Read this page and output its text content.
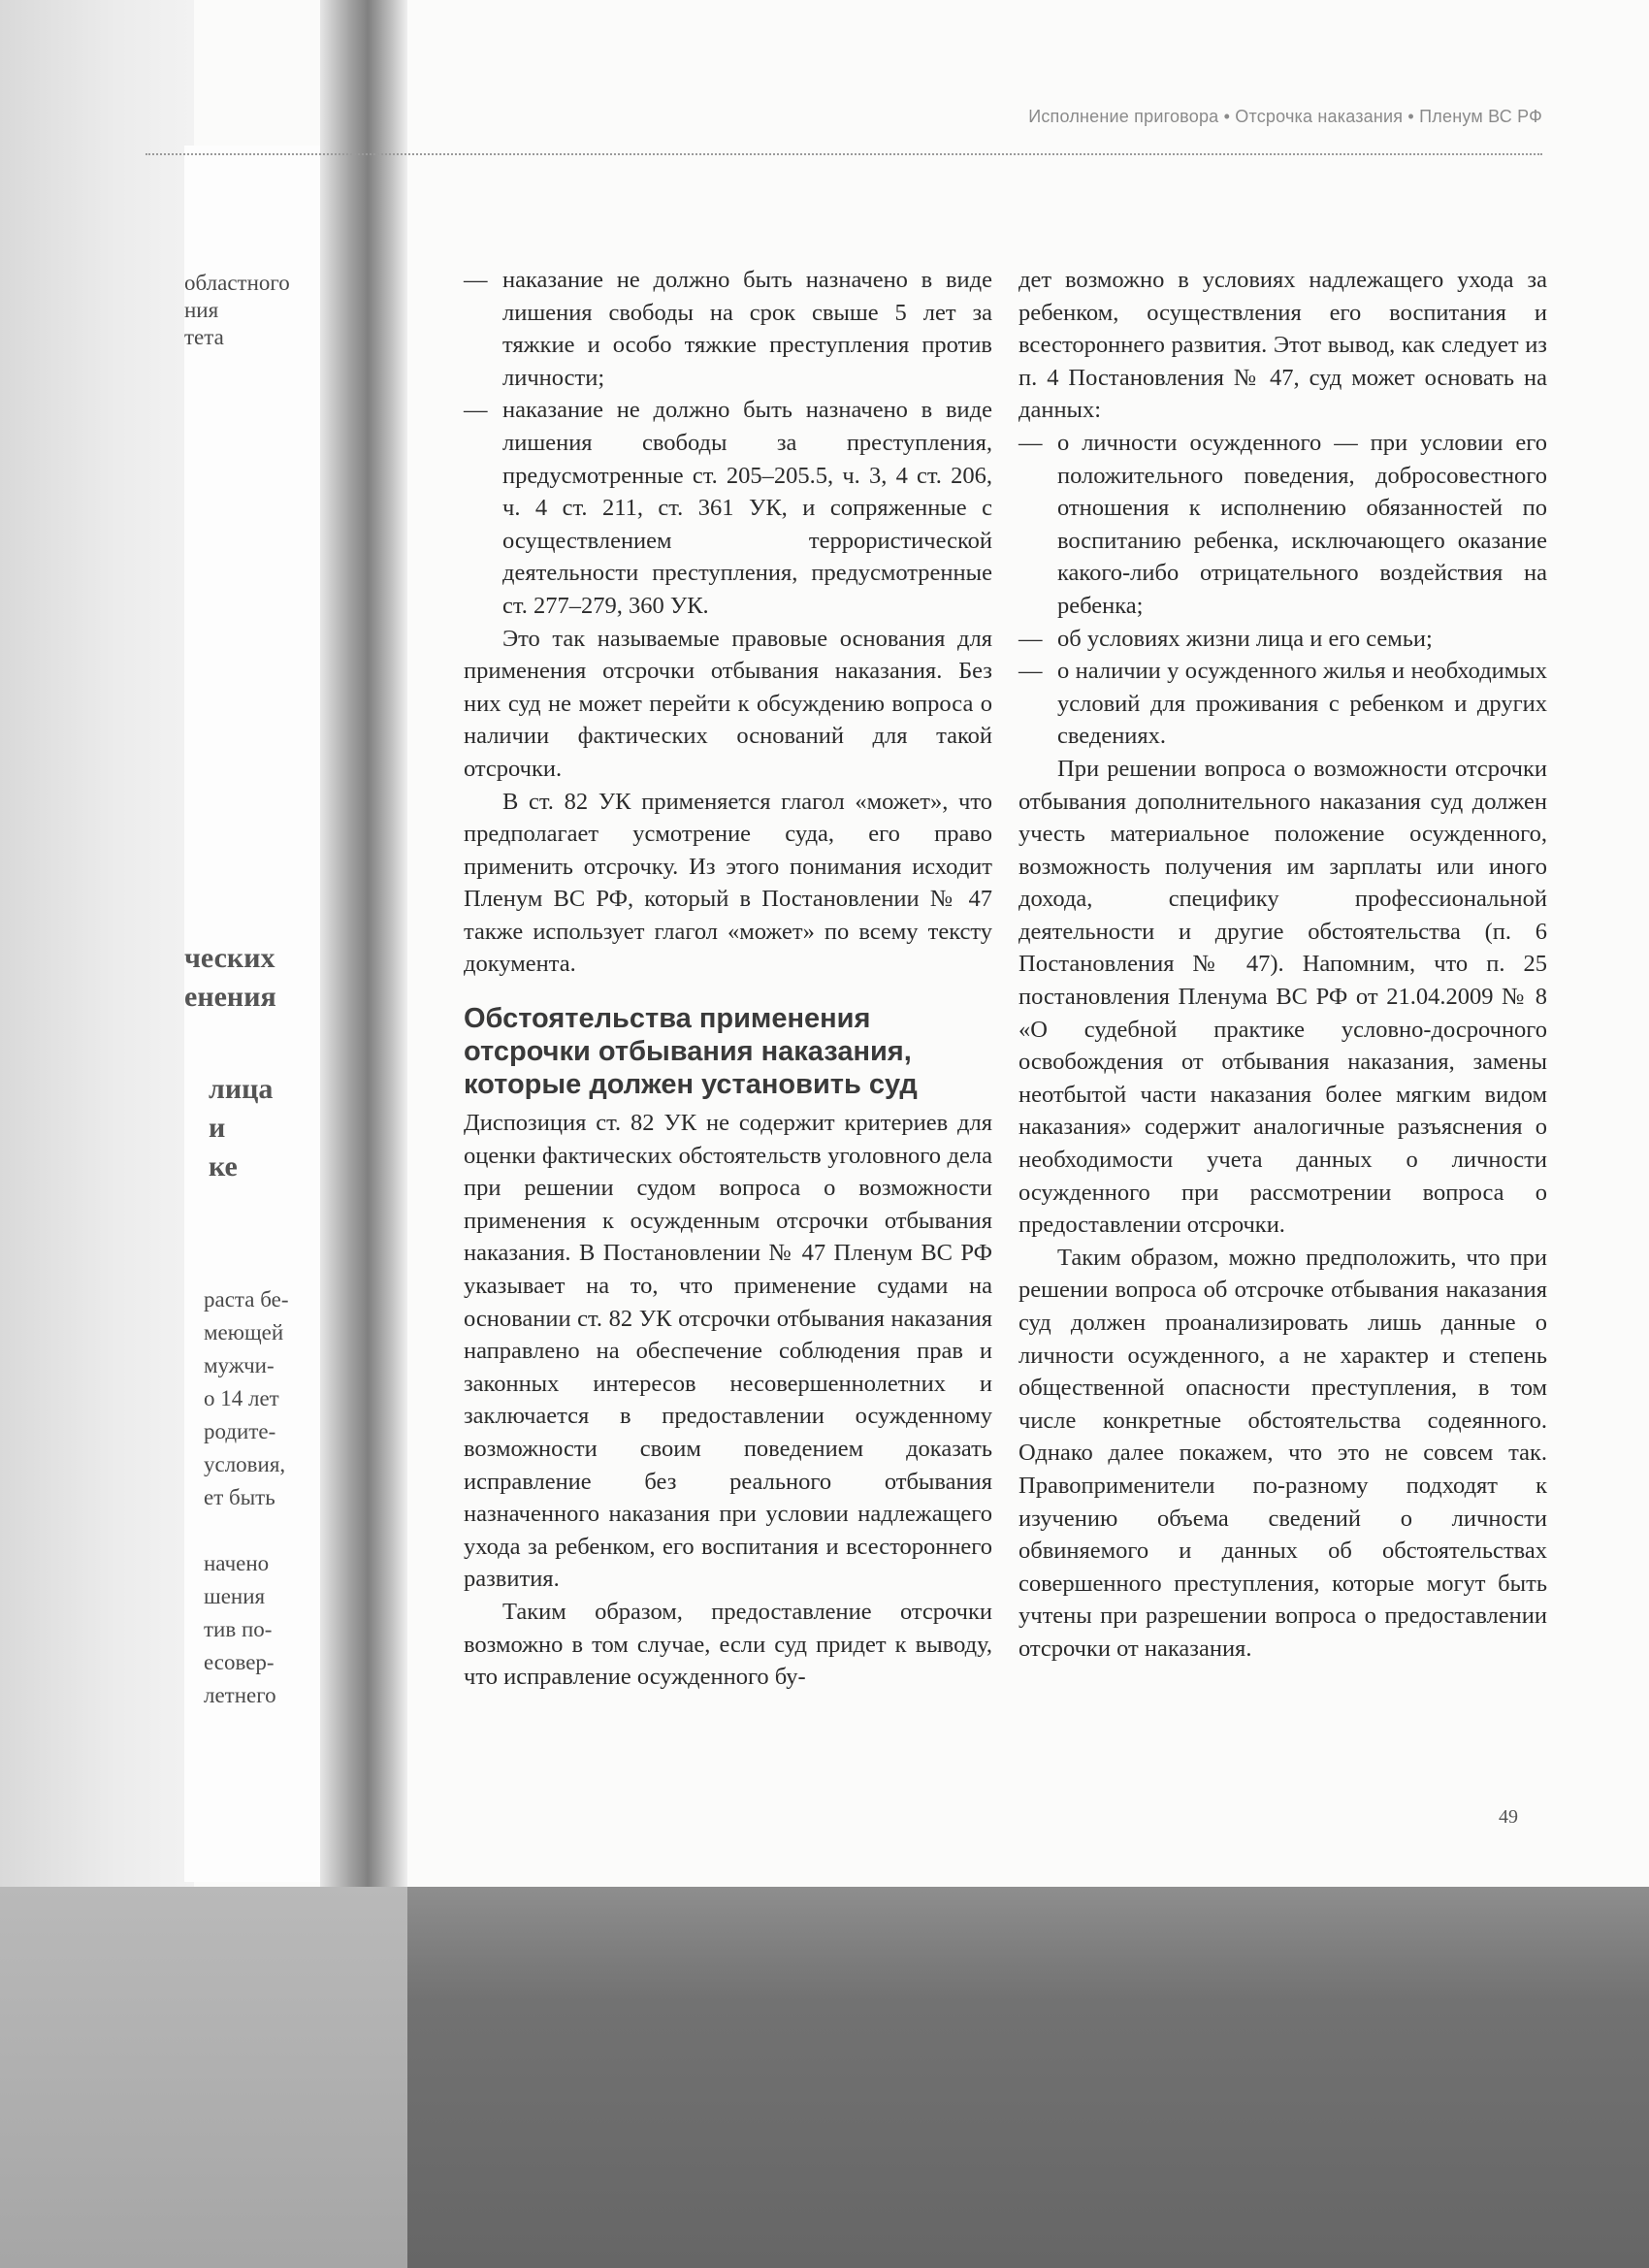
областного
ния
тета
ческих
енения
лица
и
ке
раста бе-
меющей
мужчи-
о 14 лет
родите-
условия,
ет быть
начено
шения
тив по-
есовер-
летнего
Исполнение приговора • Отсрочка наказания • Пленум ВС РФ
— наказание не должно быть назначено в виде лишения свободы на срок свыше 5 лет за тяжкие и особо тяжкие преступления против личности;
— наказание не должно быть назначено в виде лишения свободы за преступления, предусмотренные ст. 205–205.5, ч. 3, 4 ст. 206, ч. 4 ст. 211, ст. 361 УК, и сопряженные с осуществлением террористической деятельности преступления, предусмотренные ст. 277–279, 360 УК.

Это так называемые правовые основания для применения отсрочки отбывания наказания. Без них суд не может перейти к обсуждению вопроса о наличии фактических оснований для такой отсрочки.

В ст. 82 УК применяется глагол «может», что предполагает усмотрение суда, его право применить отсрочку. Из этого понимания исходит Пленум ВС РФ, который в Постановлении № 47 также использует глагол «может» по всему тексту документа.

Обстоятельства применения отсрочки отбывания наказания, которые должен установить суд

Диспозиция ст. 82 УК не содержит критериев для оценки фактических обстоятельств уголовного дела при решении судом вопроса о возможности применения к осужденным отсрочки отбывания наказания. В Постановлении № 47 Пленум ВС РФ указывает на то, что применение судами на основании ст. 82 УК отсрочки отбывания наказания направлено на обеспечение соблюдения прав и законных интересов несовершеннолетних и заключается в предоставлении осужденному возможности своим поведением доказать исправление без реального отбывания назначенного наказания при условии надлежащего ухода за ребенком, его воспитания и всестороннего развития.

Таким образом, предоставление отсрочки возможно в том случае, если суд придет к выводу, что исправление осужденного бу-

дет возможно в условиях надлежащего ухода за ребенком, осуществления его воспитания и всестороннего развития. Этот вывод, как следует из п. 4 Постановления № 47, суд может основать на данных:

— о личности осужденного — при условии его положительного поведения, добросовестного отношения к исполнению обязанностей по воспитанию ребенка, исключающего оказание какого-либо отрицательного воздействия на ребенка;
— об условиях жизни лица и его семьи;
— о наличии у осужденного жилья и необходимых условий для проживания с ребенком и других сведениях.

При решении вопроса о возможности отсрочки отбывания дополнительного наказания суд должен учесть материальное положение осужденного, возможность получения им зарплаты или иного дохода, специфику профессиональной деятельности и другие обстоятельства (п. 6 Постановления № 47). Напомним, что п. 25 постановления Пленума ВС РФ от 21.04.2009 № 8 «О судебной практике условно-досрочного освобождения от отбывания наказания, замены неотбытой части наказания более мягким видом наказания» содержит аналогичные разъяснения о необходимости учета данных о личности осужденного при рассмотрении вопроса о предоставлении отсрочки.

Таким образом, можно предположить, что при решении вопроса об отсрочке отбывания наказания суд должен проанализировать лишь данные о личности осужденного, а не характер и степень общественной опасности преступления, в том числе конкретные обстоятельства содеянного. Однако далее покажем, что это не совсем так. Правоприменители по-разному подходят к изучению объема сведений о личности обвиняемого и данных об обстоятельствах совершенного преступления, которые могут быть учтены при разрешении вопроса о предоставлении отсрочки от наказания.

49
